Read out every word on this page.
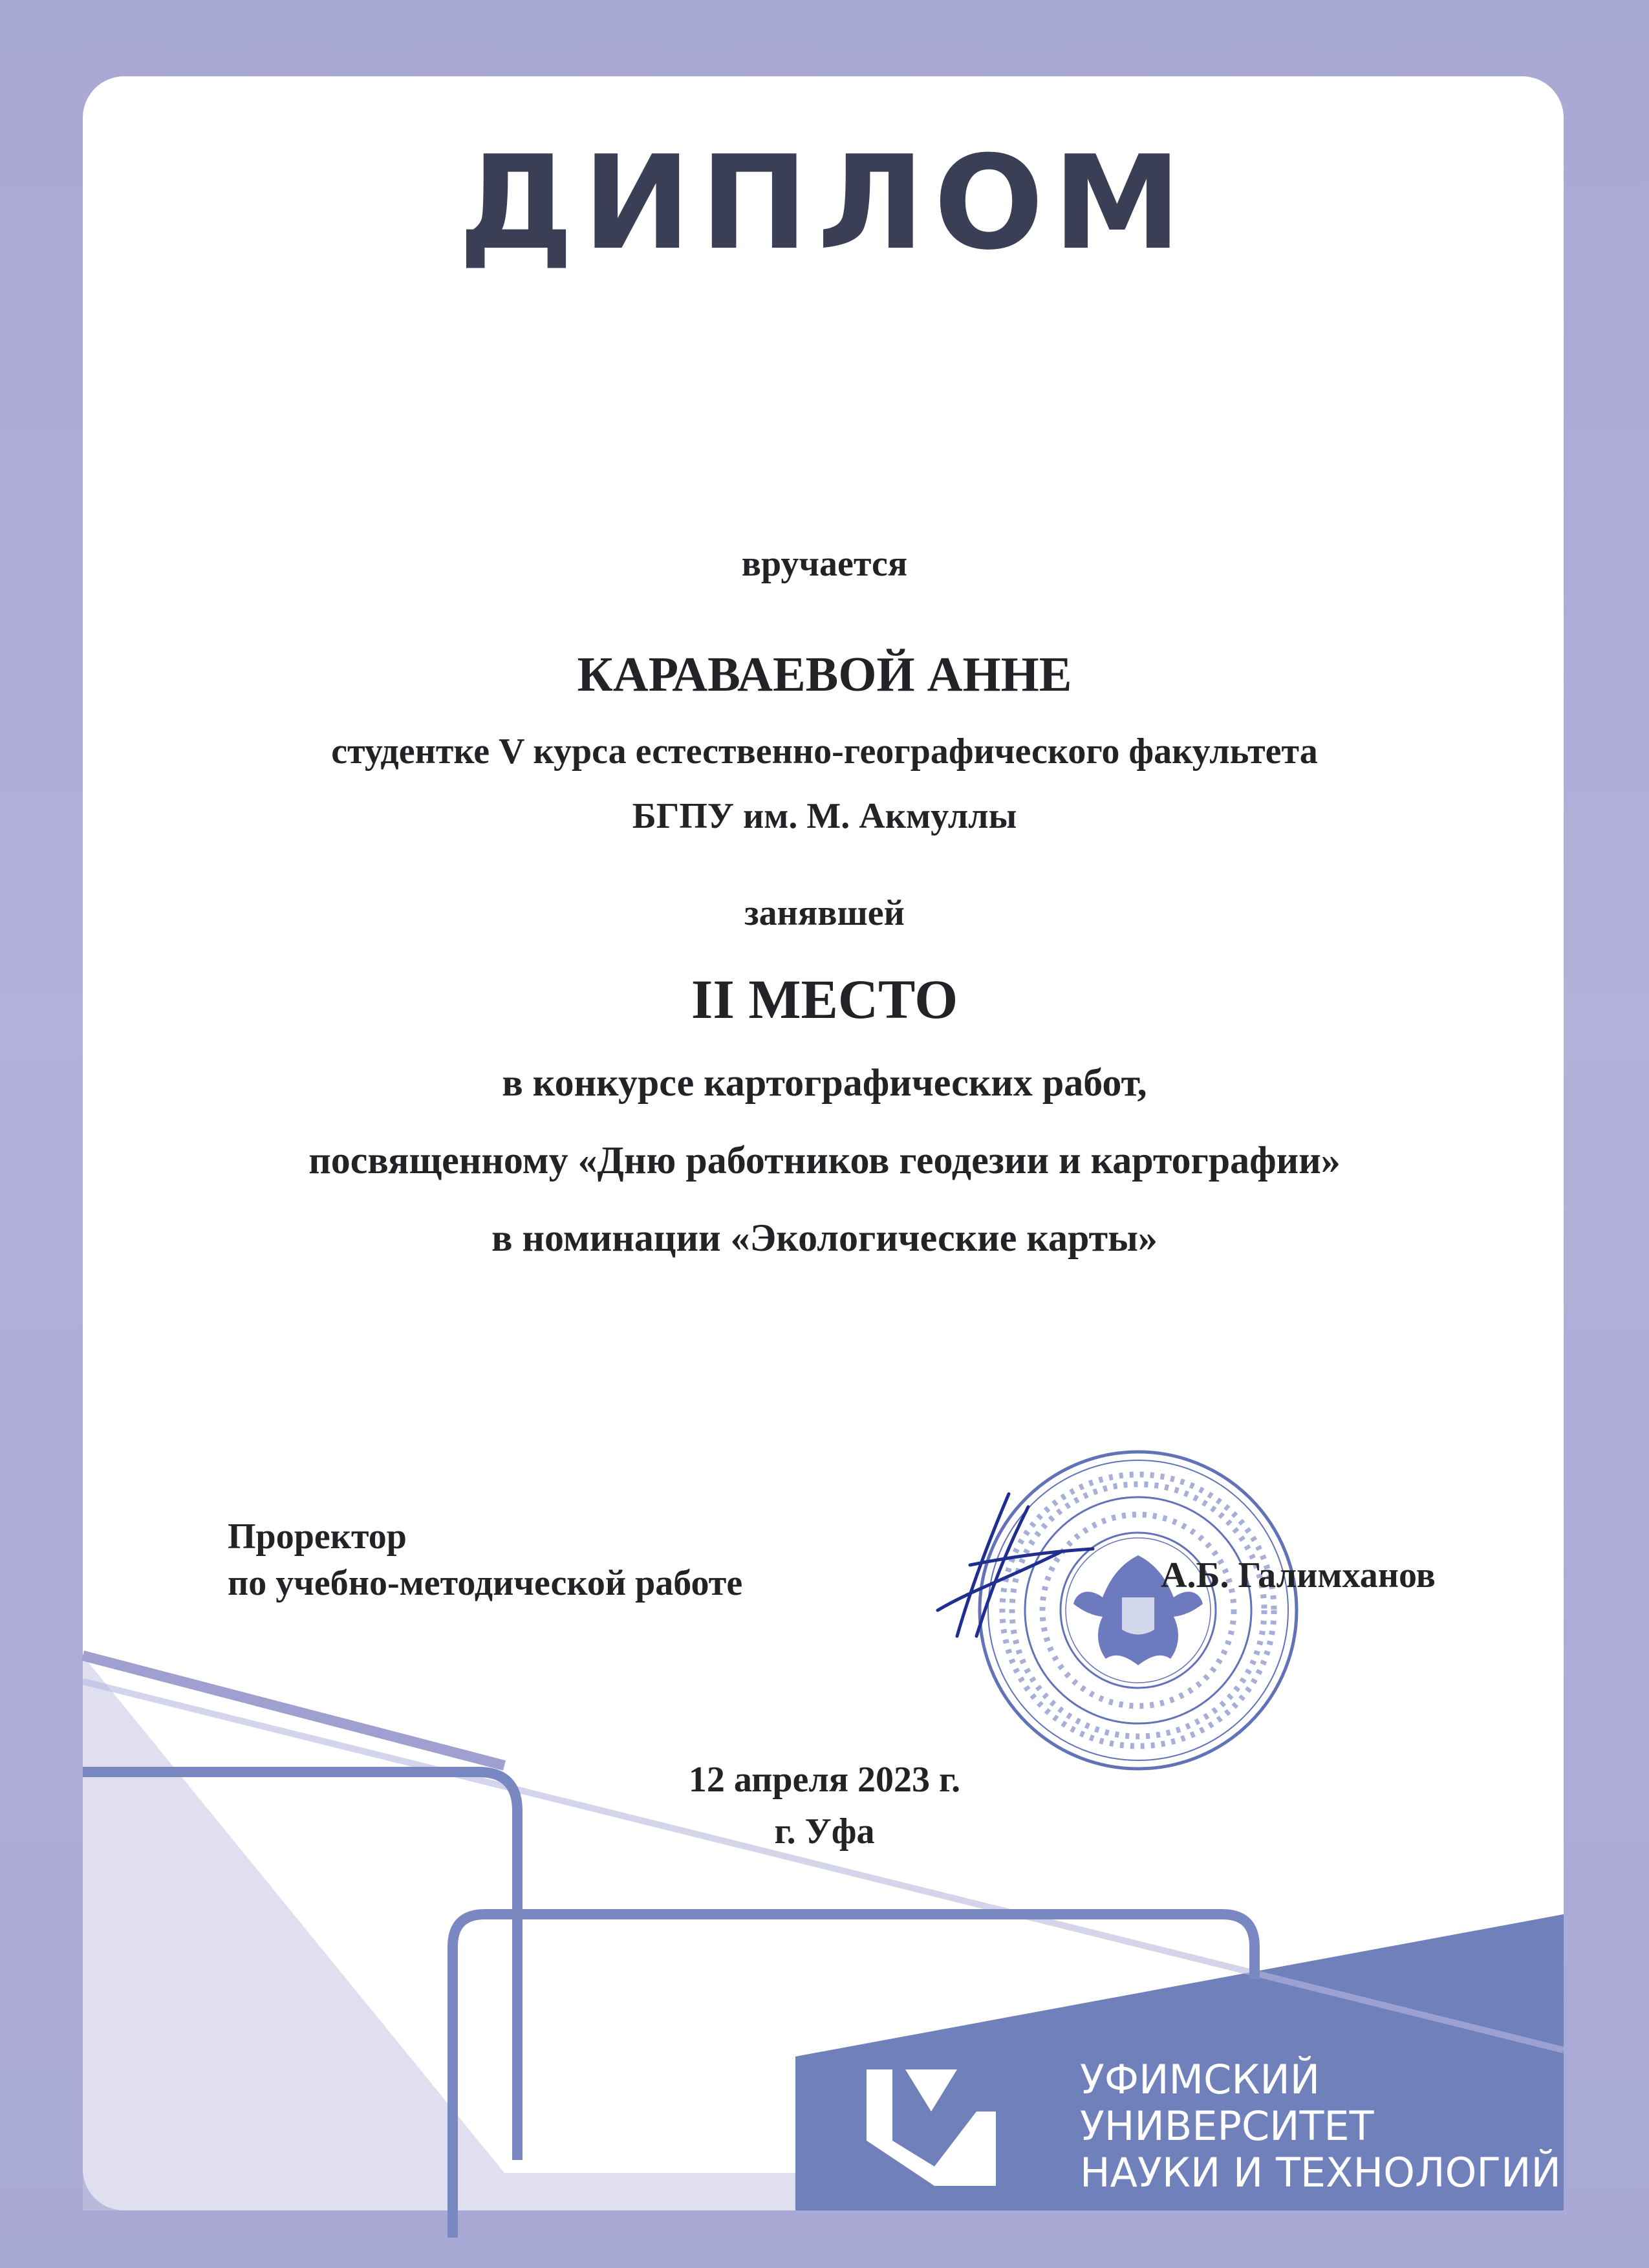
ДИПЛОМ
вручается
КАРАВАЕВОЙ АННЕ
студентке V курса естественно-географического факультета
БГПУ им. М. Акмуллы
занявшей
II МЕСТО
в конкурсе картографических работ,
посвященному «Дню работников геодезии и картографии»
в номинации «Экологические карты»
Проректор
по учебно-методической работе	А.Б. Галимханов
12 апреля 2023 г.
г. Уфа
УФИМСКИЙ
УНИВЕРСИТЕТ
НАУКИ И ТЕХНОЛОГИЙ
